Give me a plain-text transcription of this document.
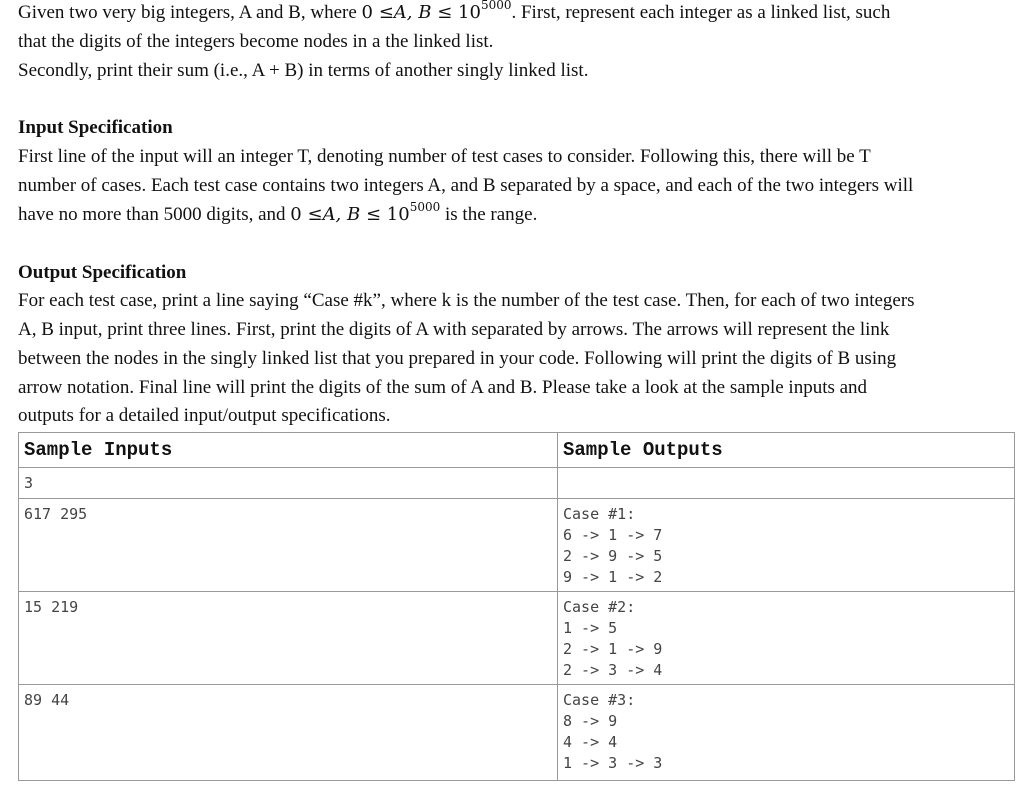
Given two very big integers, A and B, where 0 ≤A, $B \le 10^{5000}$. First, represent each integer as a linked list, such
that the digits of the integers become nodes in a the linked list.
Secondly, print their sum (i.e., A + B) in terms of another singly linked list.
Input Specification
First line of the input will an integer T, denoting number of test cases to consider. Following this, there will be T
number of cases. Each test case contains two integers A, and B separated by a space, and each of the two integers will
have no more than 5000 digits, and 0 ≤A, $B \le 10^{5000}$ is the range.
Output Specification
For each test case, print a line saying “Case #k”, where k is the number of the test case. Then, for each of two integers
A, B input, print three lines. First, print the digits of A with separated by arrows. The arrows will represent the link
between the nodes in the singly linked list that you prepared in your code. Following will print the digits of B using
arrow notation. Final line will print the digits of the sum of A and B. Please take a look at the sample inputs and
outputs for a detailed input/output specifications.
Sample Inputs	Sample Outputs
3	

617 295	Case #1:
6 -> 1 -> 7
2 -> 9 -> 5
9 -> 1 -> 2

15 219	Case #2:
1 -> 5
2 -> 1 -> 9
2 -> 3 -> 4

89 44	Case #3:
8 -> 9
4 -> 4
1 -> 3 -> 3
